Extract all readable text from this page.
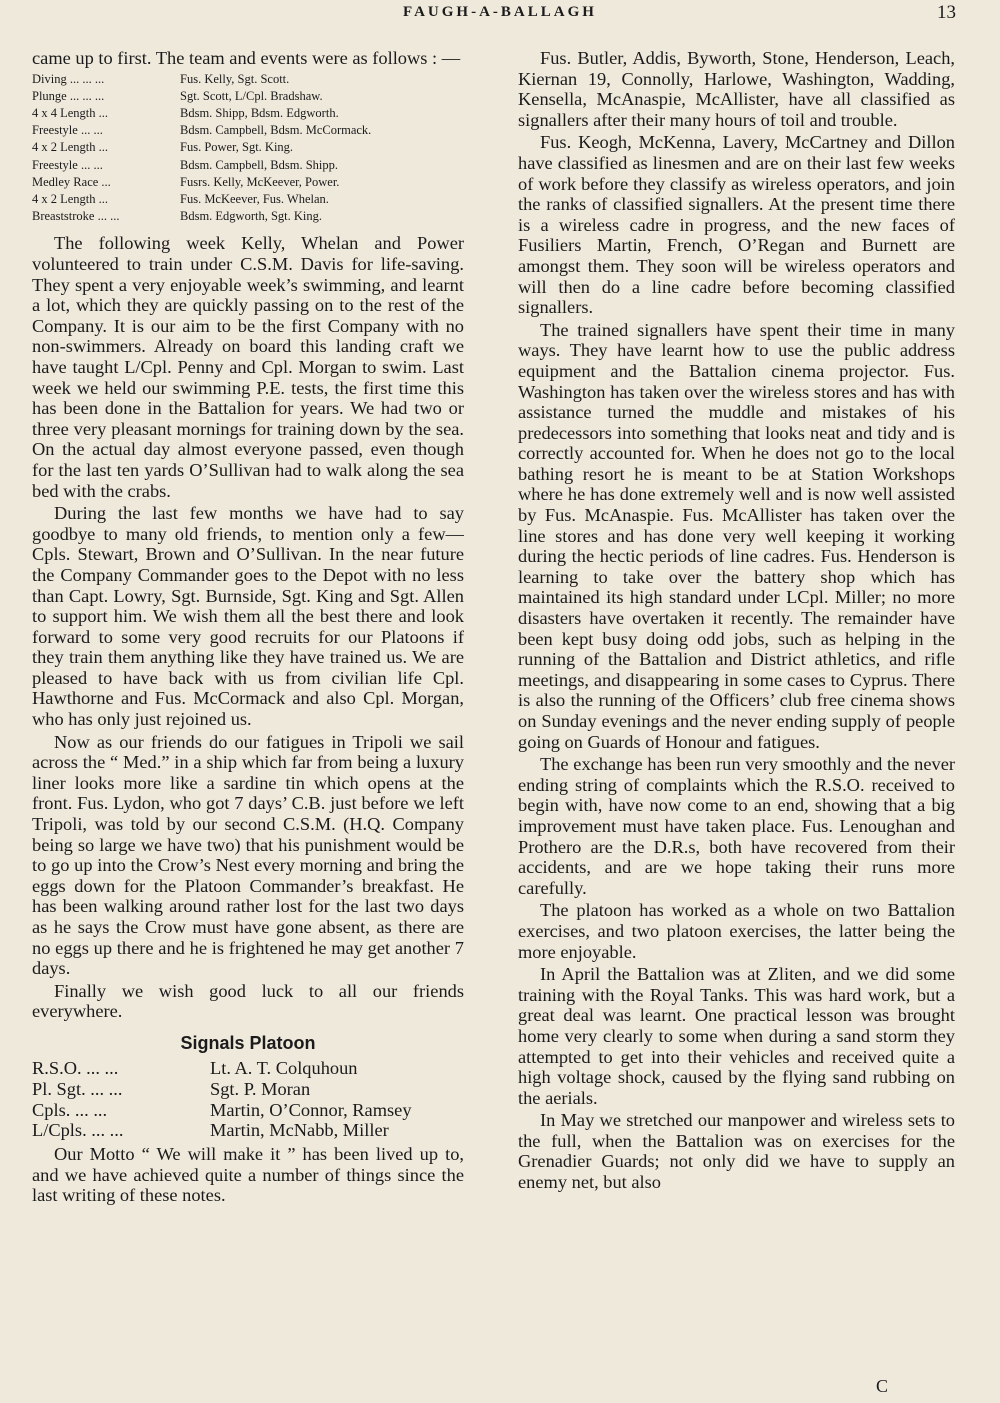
FAUGH-A-BALLAGH	13

came up to first. The team and events were as follows : —

Diving ... ... ...	Fus. Kelly, Sgt. Scott.
Plunge ... ... ...	Sgt. Scott, L/Cpl. Bradshaw.
4 x 4 Length ...	Bdsm. Shipp, Bdsm. Edgworth.
Freestyle ... ...	Bdsm. Campbell, Bdsm. McCormack.
4 x 2 Length ...	Fus. Power, Sgt. King.
Freestyle ... ...	Bdsm. Campbell, Bdsm. Shipp.
Medley Race ...	Fusrs. Kelly, McKeever, Power.
4 x 2 Length ...	Fus. McKeever, Fus. Whelan.
Breaststroke ... ...	Bdsm. Edgworth, Sgt. King.

The following week Kelly, Whelan and Power volunteered to train under C.S.M. Davis for life-saving. They spent a very enjoyable week’s swimming, and learnt a lot, which they are quickly passing on to the rest of the Company. It is our aim to be the first Company with no non-swimmers. Already on board this landing craft we have taught L/Cpl. Penny and Cpl. Morgan to swim. Last week we held our swimming P.E. tests, the first time this has been done in the Battalion for years. We had two or three very pleasant mornings for training down by the sea. On the actual day almost everyone passed, even though for the last ten yards O’Sullivan had to walk along the sea bed with the crabs.

During the last few months we have had to say goodbye to many old friends, to mention only a few—Cpls. Stewart, Brown and O’Sullivan. In the near future the Company Commander goes to the Depot with no less than Capt. Lowry, Sgt. Burnside, Sgt. King and Sgt. Allen to support him. We wish them all the best there and look forward to some very good recruits for our Platoons if they train them anything like they have trained us. We are pleased to have back with us from civilian life Cpl. Hawthorne and Fus. McCormack and also Cpl. Morgan, who has only just rejoined us.

Now as our friends do our fatigues in Tripoli we sail across the “ Med.” in a ship which far from being a luxury liner looks more like a sardine tin which opens at the front. Fus. Lydon, who got 7 days’ C.B. just before we left Tripoli, was told by our second C.S.M. (H.Q. Company being so large we have two) that his punishment would be to go up into the Crow’s Nest every morning and bring the eggs down for the Platoon Commander’s breakfast. He has been walking around rather lost for the last two days as he says the Crow must have gone absent, as there are no eggs up there and he is frightened he may get another 7 days.

Finally we wish good luck to all our friends everywhere.

Signals Platoon
R.S.O. ... ...	Lt. A. T. Colquhoun
Pl. Sgt. ... ...	Sgt. P. Moran
Cpls. ... ...	Martin, O’Connor, Ramsey
L/Cpls. ... ...	Martin, McNabb, Miller

Our Motto “ We will make it ” has been lived up to, and we have achieved quite a number of things since the last writing of these notes.

Fus. Butler, Addis, Byworth, Stone, Henderson, Leach, Kiernan 19, Connolly, Harlowe, Washington, Wadding, Kensella, McAnaspie, McAllister, have all classified as signallers after their many hours of toil and trouble.

Fus. Keogh, McKenna, Lavery, McCartney and Dillon have classified as linesmen and are on their last few weeks of work before they classify as wireless operators, and join the ranks of classified signallers. At the present time there is a wireless cadre in progress, and the new faces of Fusiliers Martin, French, O’Regan and Burnett are amongst them. They soon will be wireless operators and will then do a line cadre before becoming classified signallers.

The trained signallers have spent their time in many ways. They have learnt how to use the public address equipment and the Battalion cinema projector. Fus. Washington has taken over the wireless stores and has with assistance turned the muddle and mistakes of his predecessors into something that looks neat and tidy and is correctly accounted for. When he does not go to the local bathing resort he is meant to be at Station Workshops where he has done extremely well and is now well assisted by Fus. McAnaspie. Fus. McAllister has taken over the line stores and has done very well keeping it working during the hectic periods of line cadres. Fus. Henderson is learning to take over the battery shop which has maintained its high standard under LCpl. Miller; no more disasters have overtaken it recently. The remainder have been kept busy doing odd jobs, such as helping in the running of the Battalion and District athletics, and rifle meetings, and disappearing in some cases to Cyprus. There is also the running of the Officers’ club free cinema shows on Sunday evenings and the never ending supply of people going on Guards of Honour and fatigues.

The exchange has been run very smoothly and the never ending string of complaints which the R.S.O. received to begin with, have now come to an end, showing that a big improvement must have taken place. Fus. Lenoughan and Prothero are the D.R.s, both have recovered from their accidents, and are we hope taking their runs more carefully.

The platoon has worked as a whole on two Battalion exercises, and two platoon exercises, the latter being the more enjoyable.

In April the Battalion was at Zliten, and we did some training with the Royal Tanks. This was hard work, but a great deal was learnt. One practical lesson was brought home very clearly to some when during a sand storm they attempted to get into their vehicles and received quite a high voltage shock, caused by the flying sand rubbing on the aerials.

In May we stretched our manpower and wireless sets to the full, when the Battalion was on exercises for the Grenadier Guards; not only did we have to supply an enemy net, but also

C
